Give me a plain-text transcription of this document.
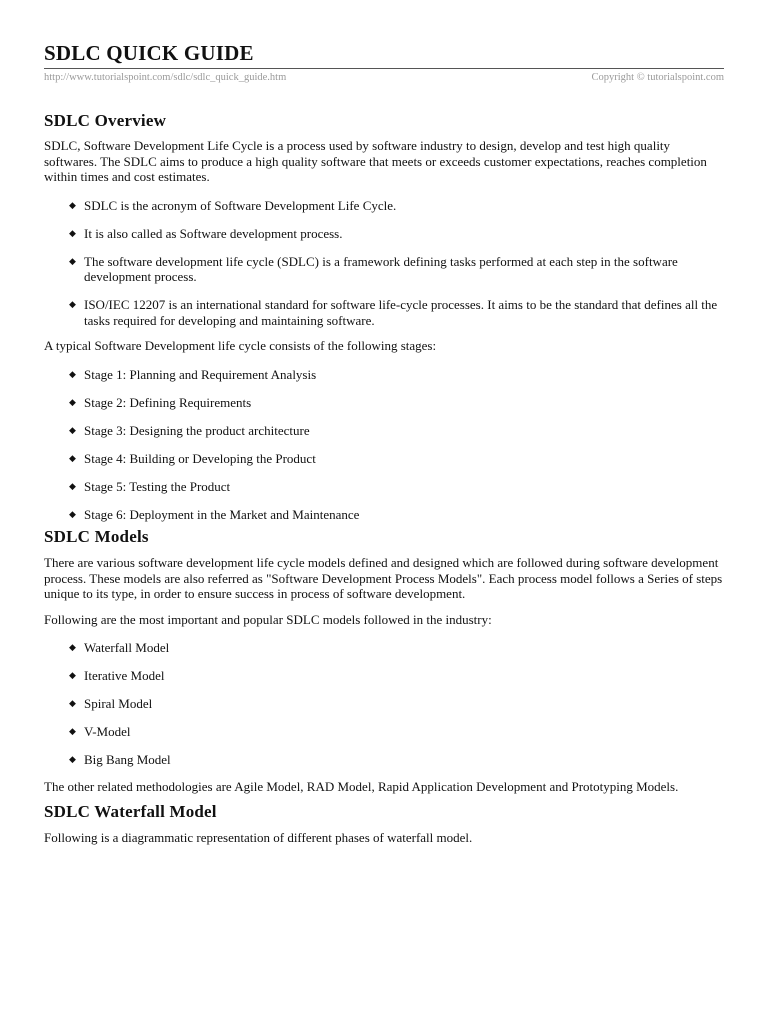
SDLC QUICK GUIDE
http://www.tutorialspoint.com/sdlc/sdlc_quick_guide.htm	Copyright © tutorialspoint.com
SDLC Overview

SDLC, Software Development Life Cycle is a process used by software industry to design, develop and test high quality softwares. The SDLC aims to produce a high quality software that meets or exceeds customer expectations, reaches completion within times and cost estimates.

◆ SDLC is the acronym of Software Development Life Cycle.
◆ It is also called as Software development process.
◆ The software development life cycle (SDLC) is a framework defining tasks performed at each step in the software development process.
◆ ISO/IEC 12207 is an international standard for software life-cycle processes. It aims to be the standard that defines all the tasks required for developing and maintaining software.

A typical Software Development life cycle consists of the following stages:

◆ Stage 1: Planning and Requirement Analysis
◆ Stage 2: Defining Requirements
◆ Stage 3: Designing the product architecture
◆ Stage 4: Building or Developing the Product
◆ Stage 5: Testing the Product
◆ Stage 6: Deployment in the Market and Maintenance
SDLC Models

There are various software development life cycle models defined and designed which are followed during software development process. These models are also referred as "Software Development Process Models". Each process model follows a Series of steps unique to its type, in order to ensure success in process of software development.

Following are the most important and popular SDLC models followed in the industry:

◆ Waterfall Model
◆ Iterative Model
◆ Spiral Model
◆ V-Model
◆ Big Bang Model

The other related methodologies are Agile Model, RAD Model, Rapid Application Development and Prototyping Models.

SDLC Waterfall Model

Following is a diagrammatic representation of different phases of waterfall model.
